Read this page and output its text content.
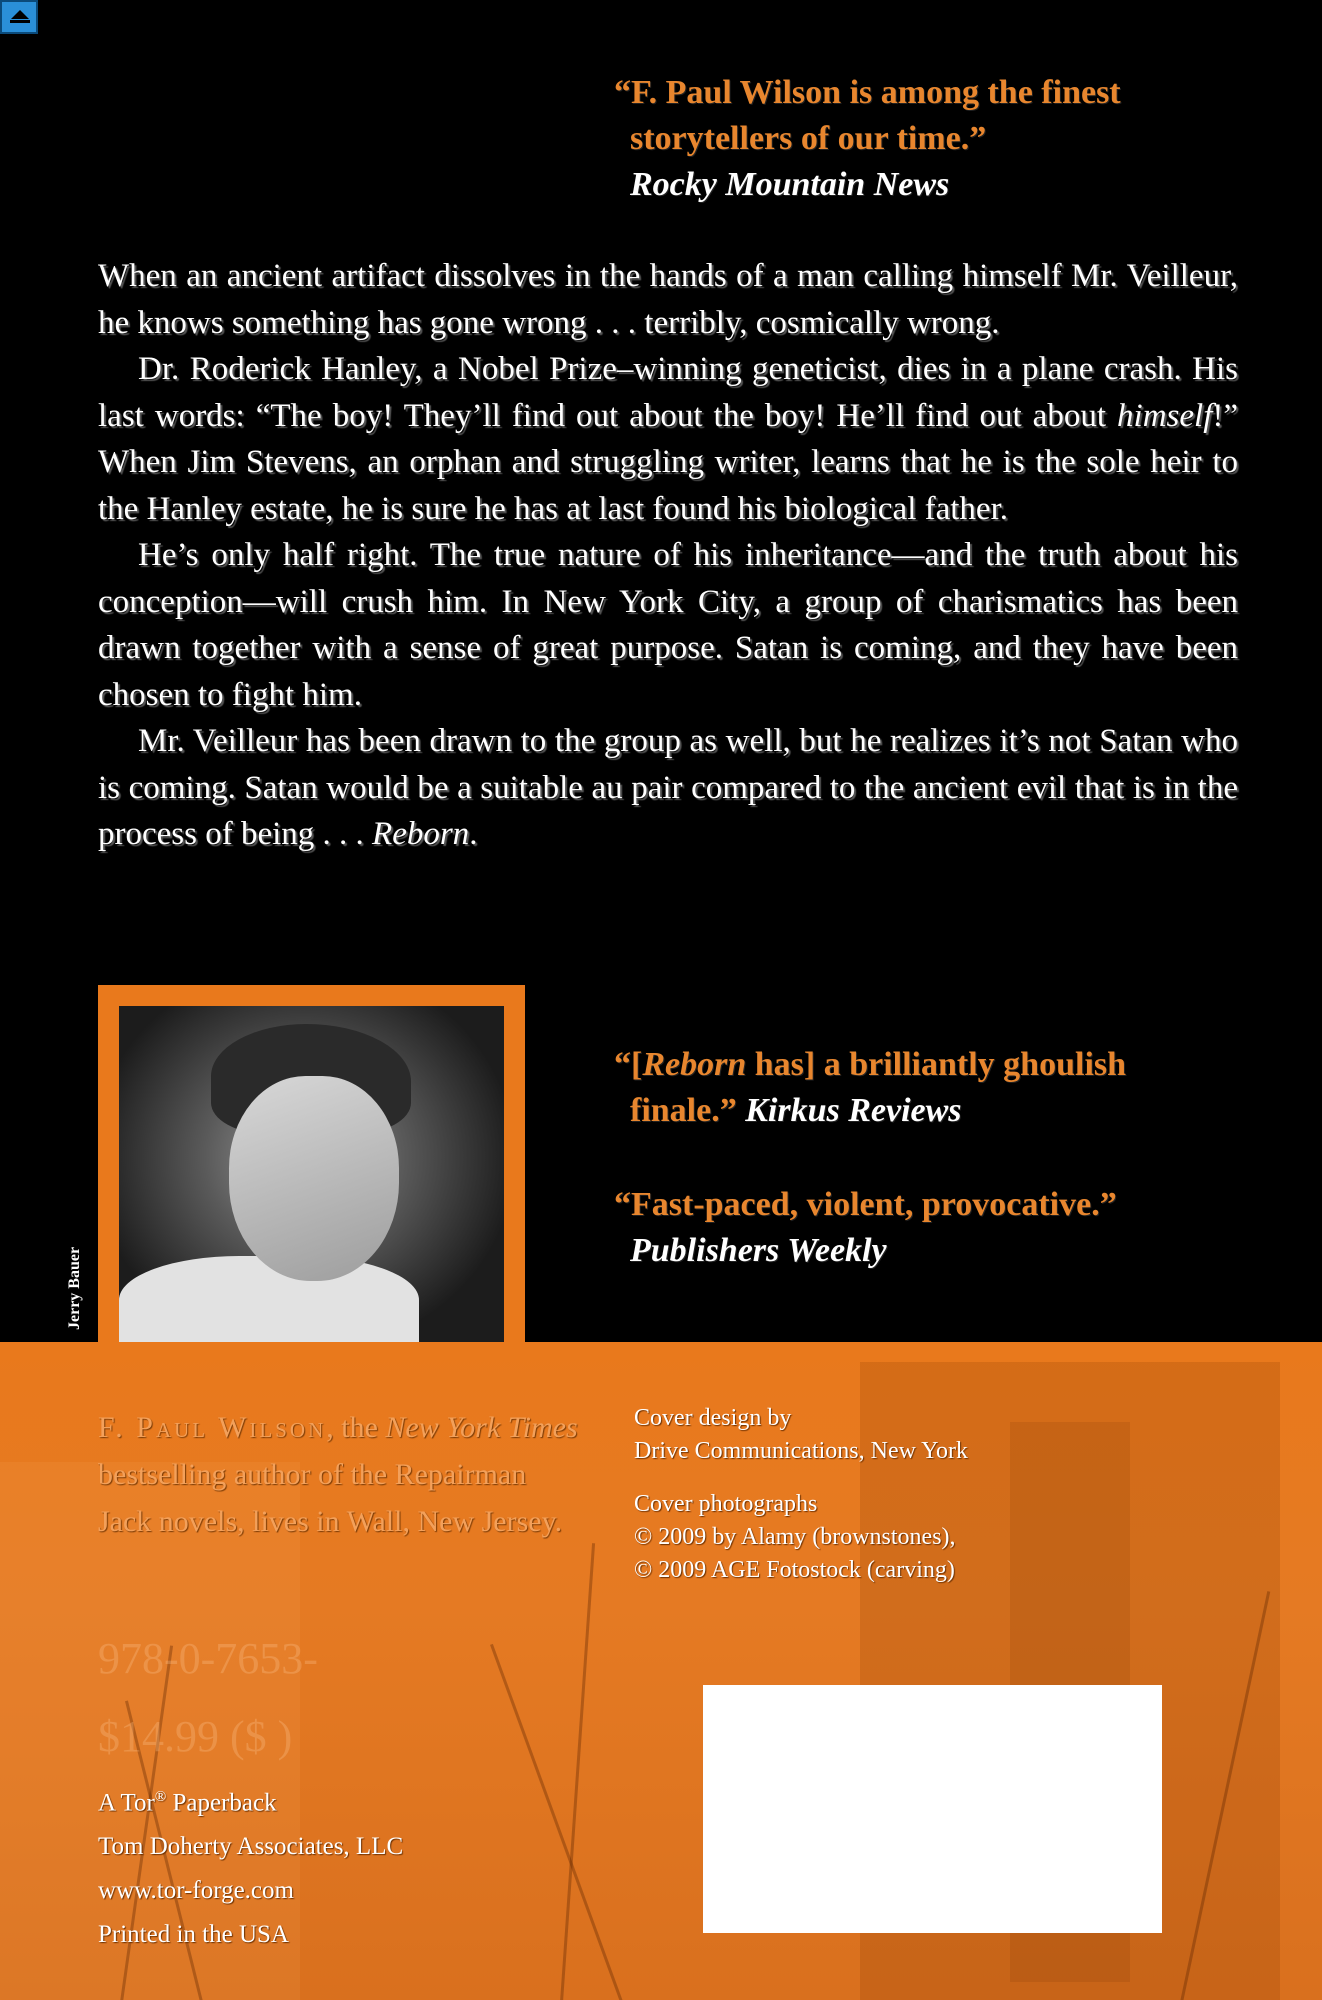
“F. Paul Wilson is among the finest
storytellers of our time.”
Rocky Mountain News

When an ancient artifact dissolves in the hands of a man calling himself Mr. Veilleur, he knows something has gone wrong . . . terribly, cosmically wrong.

Dr. Roderick Hanley, a Nobel Prize–winning geneticist, dies in a plane crash. His last words: “The boy! They’ll find out about the boy! He’ll find out about himself!” When Jim Stevens, an orphan and struggling writer, learns that he is the sole heir to the Hanley estate, he is sure he has at last found his biological father.

He’s only half right. The true nature of his inheritance—and the truth about his conception—will crush him. In New York City, a group of charismatics has been drawn together with a sense of great purpose. Satan is coming, and they have been chosen to fight him.

Mr. Veilleur has been drawn to the group as well, but he realizes it’s not Satan who is coming. Satan would be a suitable au pair compared to the ancient evil that is in the process of being . . . Reborn.

Jerry Bauer
“[Reborn has] a brilliantly ghoulish
finale.” Kirkus Reviews
“Fast-paced, violent, provocative.”
Publishers Weekly
F. Paul Wilson, the New York Times bestselling author of the Repairman Jack novels, lives in Wall, New Jersey.
Cover design by
Drive Communications, New York
Cover photographs
© 2009 by Alamy (brownstones),
© 2009 AGE Fotostock (carving)
978-0-7653-
$14.99 ($ )
A Tor® Paperback
Tom Doherty Associates, LLC
www.tor-forge.com
Printed in the USA
